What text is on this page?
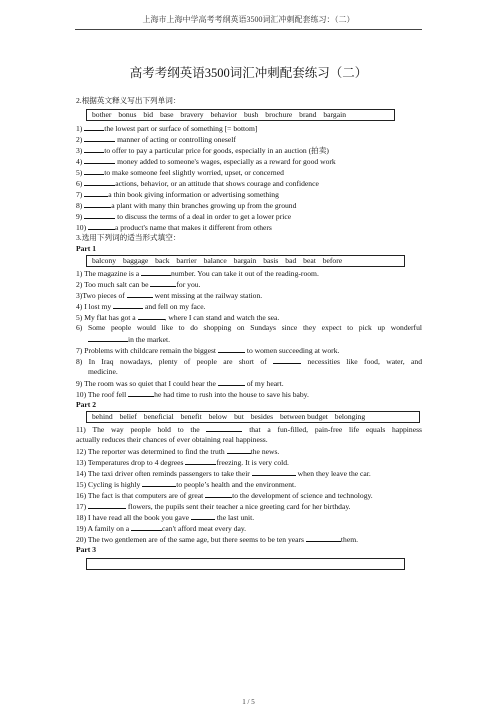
上海市上海中学高考考纲英语3500词汇冲刺配套练习：（二）
高考考纲英语3500词汇冲刺配套练习（二）
2.根据英文释义写出下列单词：
bother bonus bid base bravery behavior bush brochure brand bargain
1)	the lowest part or surface of something [= bottom]
2)	manner of acting or controlling oneself
3)	to offer to pay a particular price for goods, especially in an auction (拍卖)
4)	money added to someone's wages, especially as a reward for good work
5)	to make someone feel slightly worried, upset, or concerned
6)	actions, behavior, or an attitude that shows courage and confidence
7)	a thin book giving information or advertising something
8)	a plant with many thin branches growing up from the ground
9)	to discuss the terms of a deal in order to get a lower price
10)	a product's name that makes it different from others
3.选用下列词的适当形式填空：
Part 1
balcony baggage back barrier balance bargain basis bad beat before
1) The magazine is a	number. You can take it out of the reading-room.
2) Too much salt can be	for you.
3)Two pieces of	went missing at the railway station.
4) I lost my	and fell on my face.
5) My flat has got a	, where I can stand and watch the sea.
6) Some people would like to do shopping on Sundays since they expect to pick up wonderful
in the market.
7) Problems with childcare remain the biggest	to women succeeding at work.
8) In Iraq nowadays, plenty of people are short of	necessities like food, water, and
medicine.
9) The room was so quiet that I could hear the	of my heart.
10) The roof fell	he had time to rush into the house to save his baby.
Part 2
behind belief beneficial benefit below but besides between budget belonging
11) The way people hold to the	that a fun-filled, pain-free life equals happiness
actually reduces their chances of ever obtaining real happiness.
12) The reporter was determined to find the truth	the news.
13) Temperatures drop to 4 degrees	freezing. It is very cold.
14) The taxi driver often reminds passengers to take their	when they leave the car.
15) Cycling is highly	to people’s health and the environment.
16) The fact is that computers are of great	to the development of science and technology.
17)	flowers, the pupils sent their teacher a nice greeting card for her birthday.
18) I have read all the book you gave	the last unit.
19) A family on a	can't afford meat every day.
20) The two gentlemen are of the same age, but there seems to be ten years	them.
Part 3
1 / 5
